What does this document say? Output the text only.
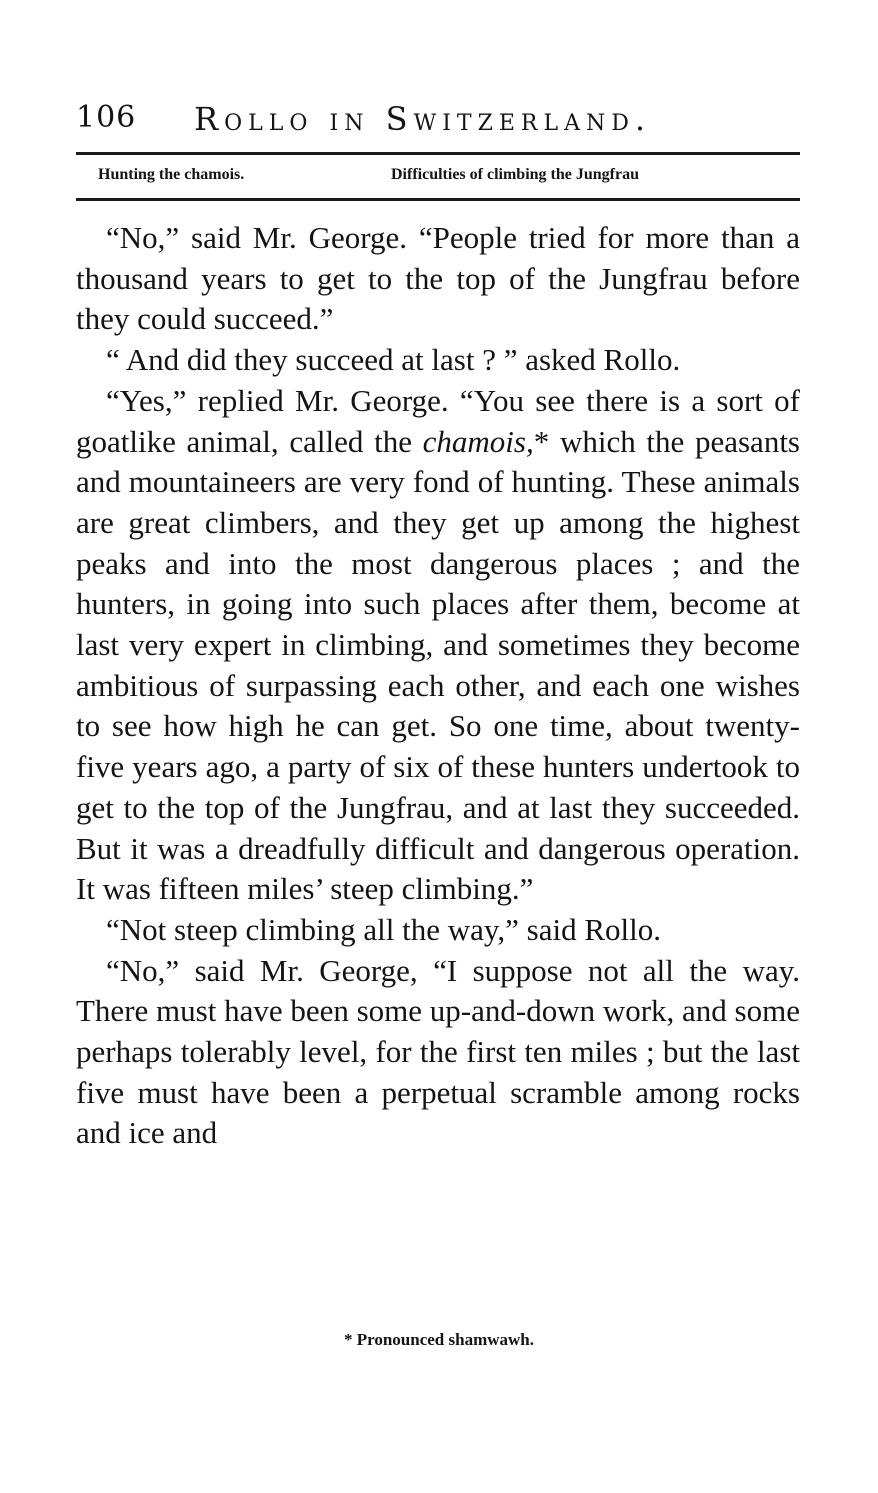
106 Rollo in Switzerland.
Hunting the chamois.	Difficulties of climbing the Jungfrau

“No,” said Mr. George. “People tried for more than a thousand years to get to the top of the Jungfrau before they could succeed.”

“ And did they succeed at last ? ” asked Rollo.

“Yes,” replied Mr. George. “You see there is a sort of goatlike animal, called the chamois,* which the peasants and mountaineers are very fond of hunting. These animals are great climbers, and they get up among the highest peaks and into the most dangerous places ; and the hunters, in going into such places after them, become at last very expert in climbing, and sometimes they become ambitious of surpassing each other, and each one wishes to see how high he can get. So one time, about twenty-five years ago, a party of six of these hunters undertook to get to the top of the Jungfrau, and at last they succeeded. But it was a dreadfully difficult and dangerous operation. It was fifteen miles’ steep climbing.”

“Not steep climbing all the way,” said Rollo.

“No,” said Mr. George, “I suppose not all the way. There must have been some up-and-down work, and some perhaps tolerably level, for the first ten miles ; but the last five must have been a perpetual scramble among rocks and ice and

* Pronounced shamwawh.
